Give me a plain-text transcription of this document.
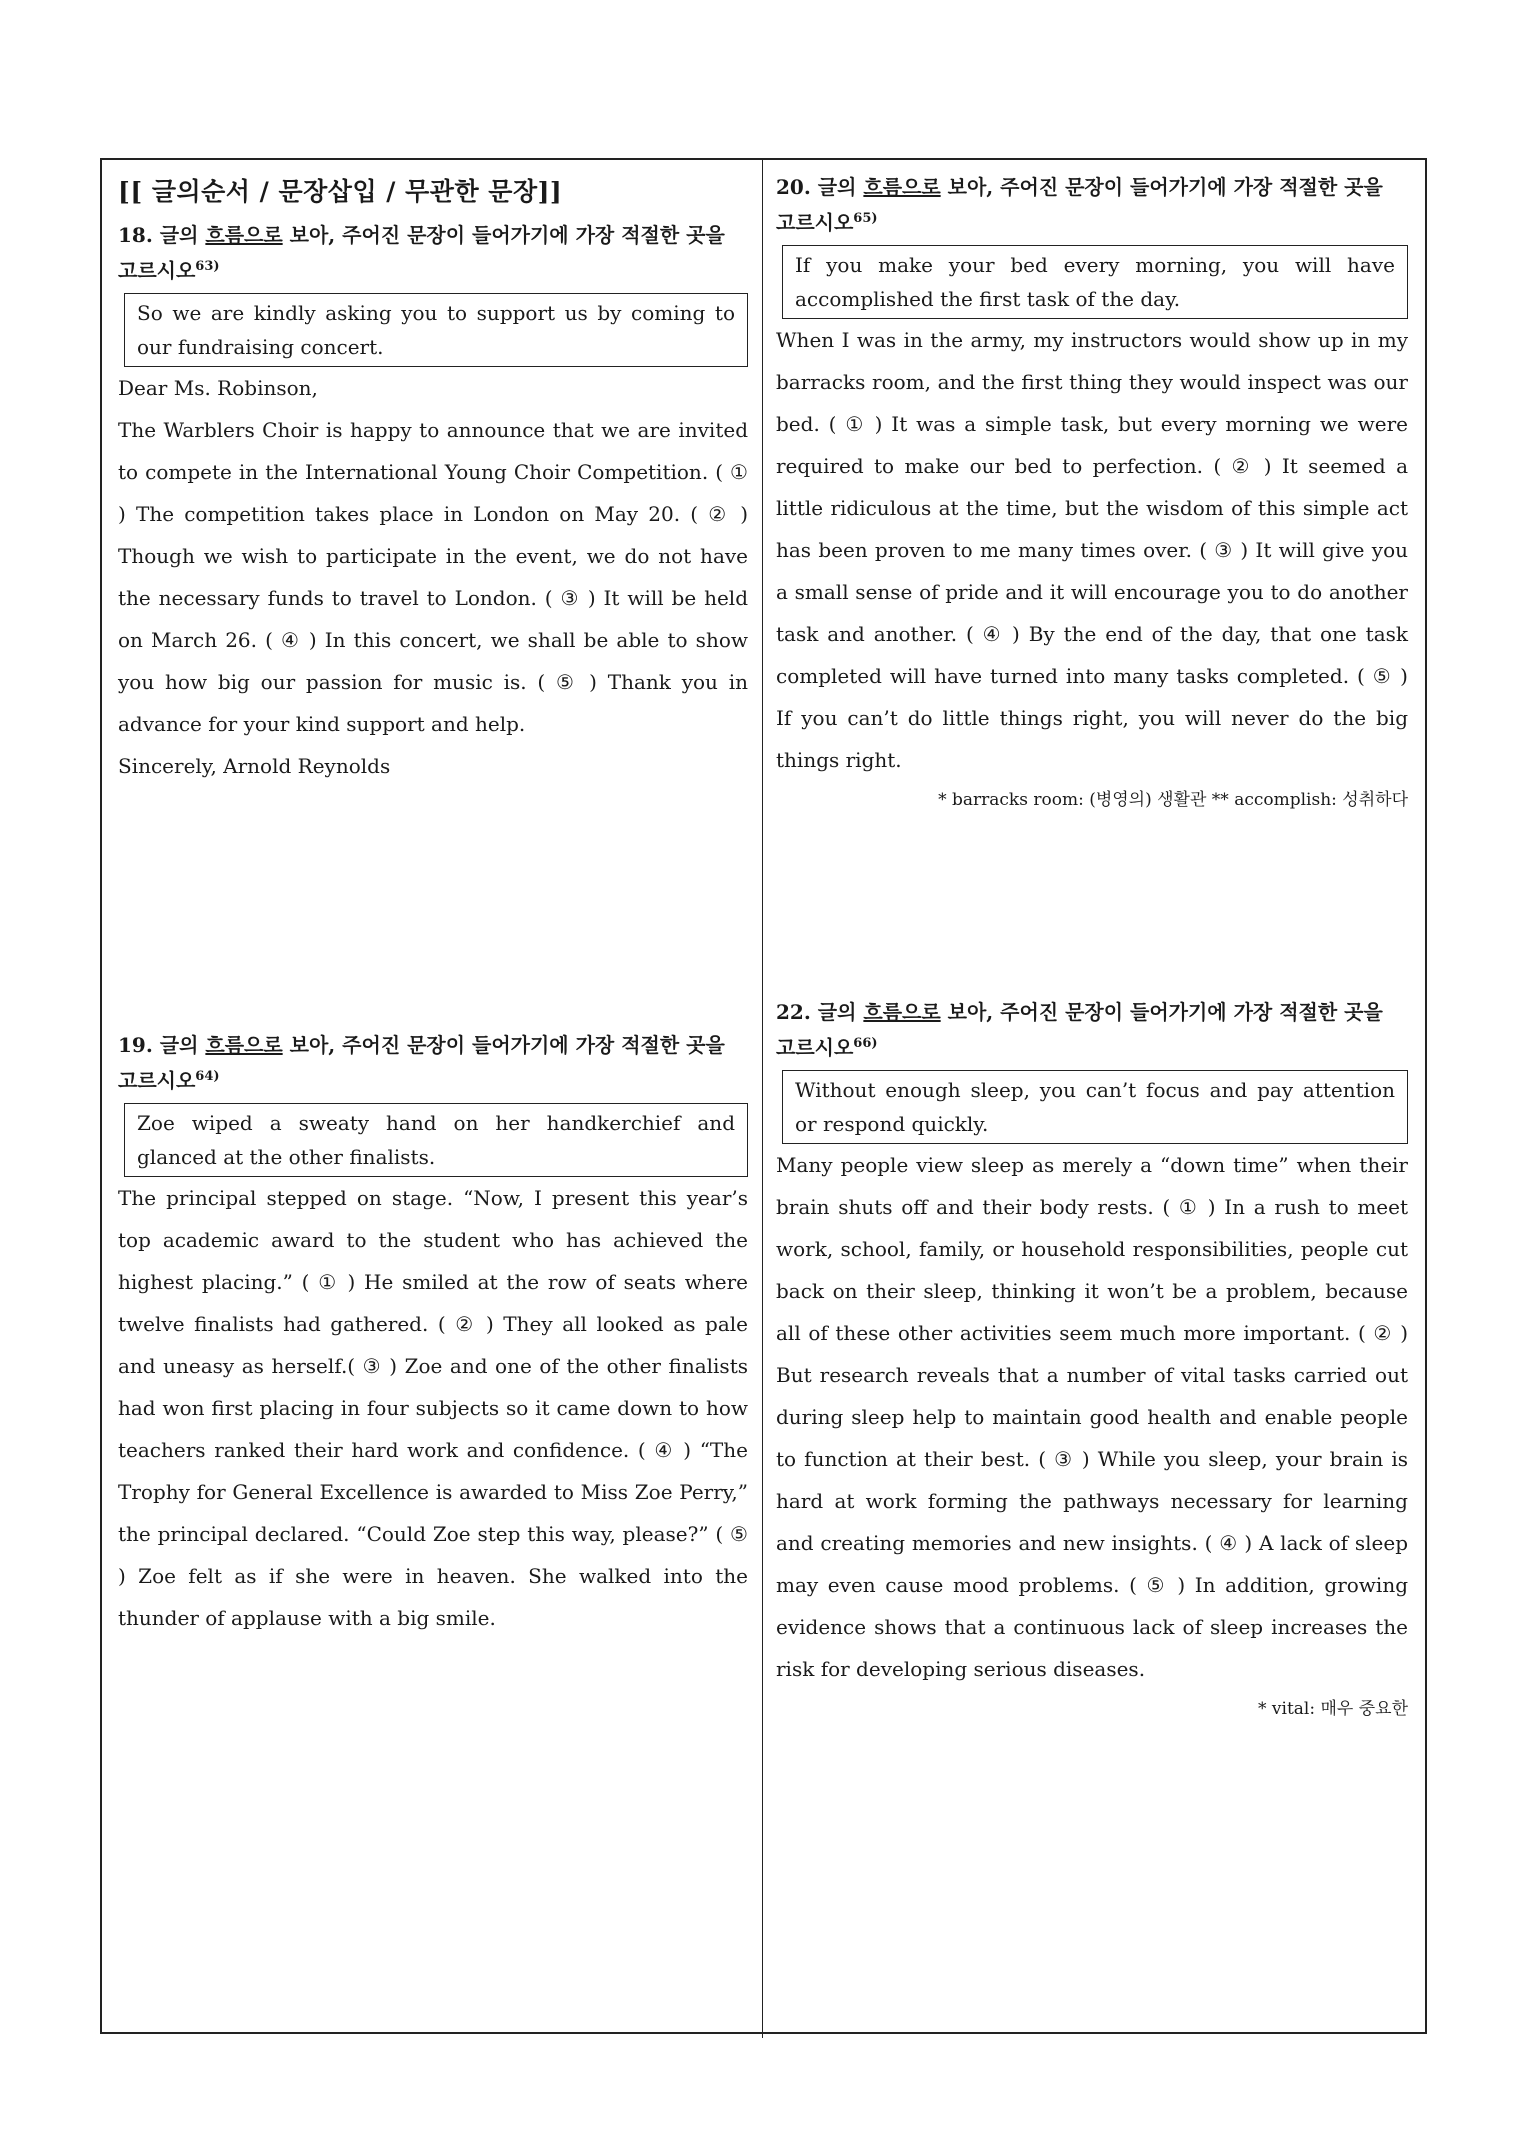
[[ 글의순서 / 문장삽입 / 무관한 문장]]
18. 글의 흐름으로 보아, 주어진 문장이 들어가기에 가장 적절한 곳을 고르시오$^{63)}$
So we are kindly asking you to support us by coming to our fundraising concert.

Dear Ms. Robinson,

The Warblers Choir is happy to announce that we are invited to compete in the International Young Choir Competition. ( ① ) The competition takes place in London on May 20. ( ② ) Though we wish to participate in the event, we do not have the necessary funds to travel to London. ( ③ ) It will be held on March 26. ( ④ ) In this concert, we shall be able to show you how big our passion for music is. ( ⑤ ) Thank you in advance for your kind support and help.

Sincerely, Arnold Reynolds

19. 글의 흐름으로 보아, 주어진 문장이 들어가기에 가장 적절한 곳을 고르시오$^{64)}$
Zoe wiped a sweaty hand on her handkerchief and glanced at the other finalists.

The principal stepped on stage. “Now, I present this year’s top academic award to the student who has achieved the highest placing.” ( ① ) He smiled at the row of seats where twelve finalists had gathered. ( ② ) They all looked as pale and uneasy as herself.( ③ ) Zoe and one of the other finalists had won first placing in four subjects so it came down to how teachers ranked their hard work and confidence. ( ④ ) “The Trophy for General Excellence is awarded to Miss Zoe Perry,” the principal declared. “Could Zoe step this way, please?” ( ⑤ ) Zoe felt as if she were in heaven. She walked into the thunder of applause with a big smile.

20. 글의 흐름으로 보아, 주어진 문장이 들어가기에 가장 적절한 곳을 고르시오$^{65)}$
If you make your bed every morning, you will have accomplished the first task of the day.

When I was in the army, my instructors would show up in my barracks room, and the first thing they would inspect was our bed. ( ① ) It was a simple task, but every morning we were required to make our bed to perfection. ( ② ) It seemed a little ridiculous at the time, but the wisdom of this simple act has been proven to me many times over. ( ③ ) It will give you a small sense of pride and it will encourage you to do another task and another. ( ④ ) By the end of the day, that one task completed will have turned into many tasks completed. ( ⑤ ) If you can’t do little things right, you will never do the big things right.

* barracks room: (병영의) 생활관 ** accomplish: 성취하다
22. 글의 흐름으로 보아, 주어진 문장이 들어가기에 가장 적절한 곳을 고르시오$^{66)}$
Without enough sleep, you can’t focus and pay attention or respond quickly.

Many people view sleep as merely a “down time” when their brain shuts off and their body rests. ( ① ) In a rush to meet work, school, family, or household responsibilities, people cut back on their sleep, thinking it won’t be a problem, because all of these other activities seem much more important. ( ② ) But research reveals that a number of vital tasks carried out during sleep help to maintain good health and enable people to function at their best. ( ③ ) While you sleep, your brain is hard at work forming the pathways necessary for learning and creating memories and new insights. ( ④ ) A lack of sleep may even cause mood problems. ( ⑤ ) In addition, growing evidence shows that a continuous lack of sleep increases the risk for developing serious diseases.

* vital: 매우 중요한
